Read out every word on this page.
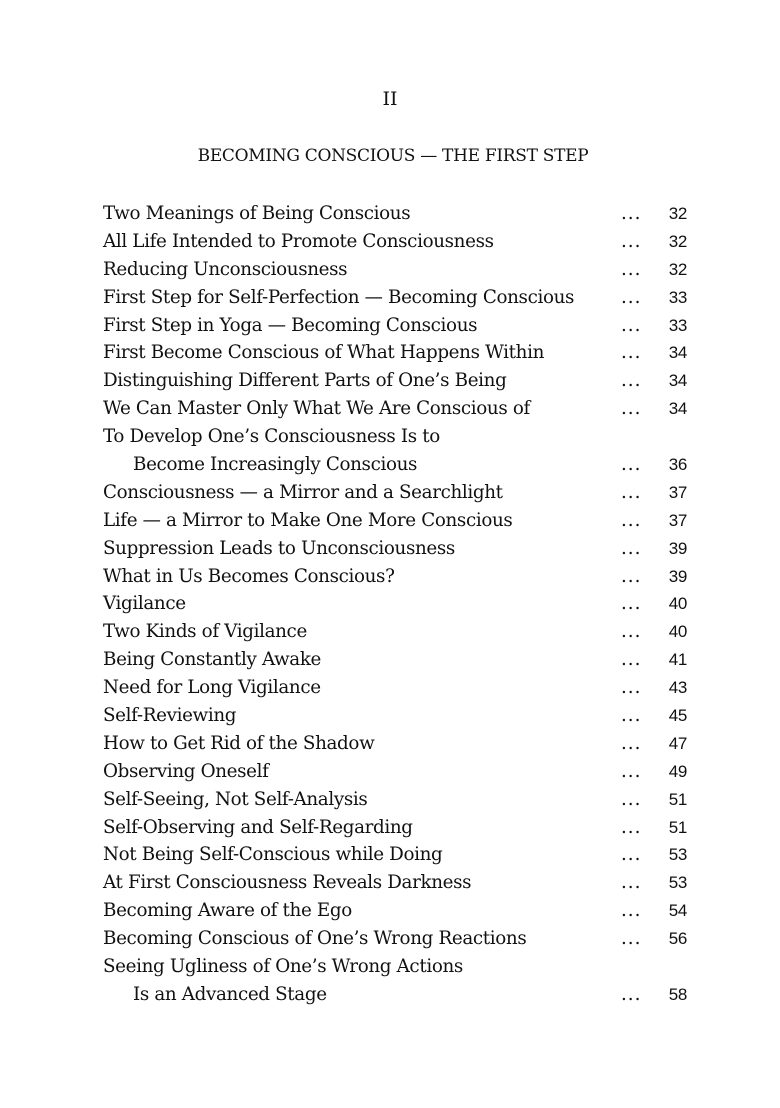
II
BECOMING CONSCIOUS — THE FIRST STEP
Two Meanings of Being Conscious	... 32
All Life Intended to Promote Consciousness	... 32
Reducing Unconsciousness	... 32
First Step for Self-Perfection — Becoming Conscious	... 33
First Step in Yoga — Becoming Conscious	... 33
First Become Conscious of What Happens Within	... 34
Distinguishing Different Parts of One’s Being	... 34
We Can Master Only What We Are Conscious of	... 34
To Develop One’s Consciousness Is to
Become Increasingly Conscious	... 36
Consciousness — a Mirror and a Searchlight	... 37
Life — a Mirror to Make One More Conscious	... 37
Suppression Leads to Unconsciousness	... 39
What in Us Becomes Conscious?	... 39
Vigilance	... 40
Two Kinds of Vigilance	... 40
Being Constantly Awake	... 41
Need for Long Vigilance	... 43
Self-Reviewing	... 45
How to Get Rid of the Shadow	... 47
Observing Oneself	... 49
Self-Seeing, Not Self-Analysis	... 51
Self-Observing and Self-Regarding	... 51
Not Being Self-Conscious while Doing	... 53
At First Consciousness Reveals Darkness	... 53
Becoming Aware of the Ego	... 54
Becoming Conscious of One’s Wrong Reactions	... 56
Seeing Ugliness of One’s Wrong Actions
Is an Advanced Stage	... 58
